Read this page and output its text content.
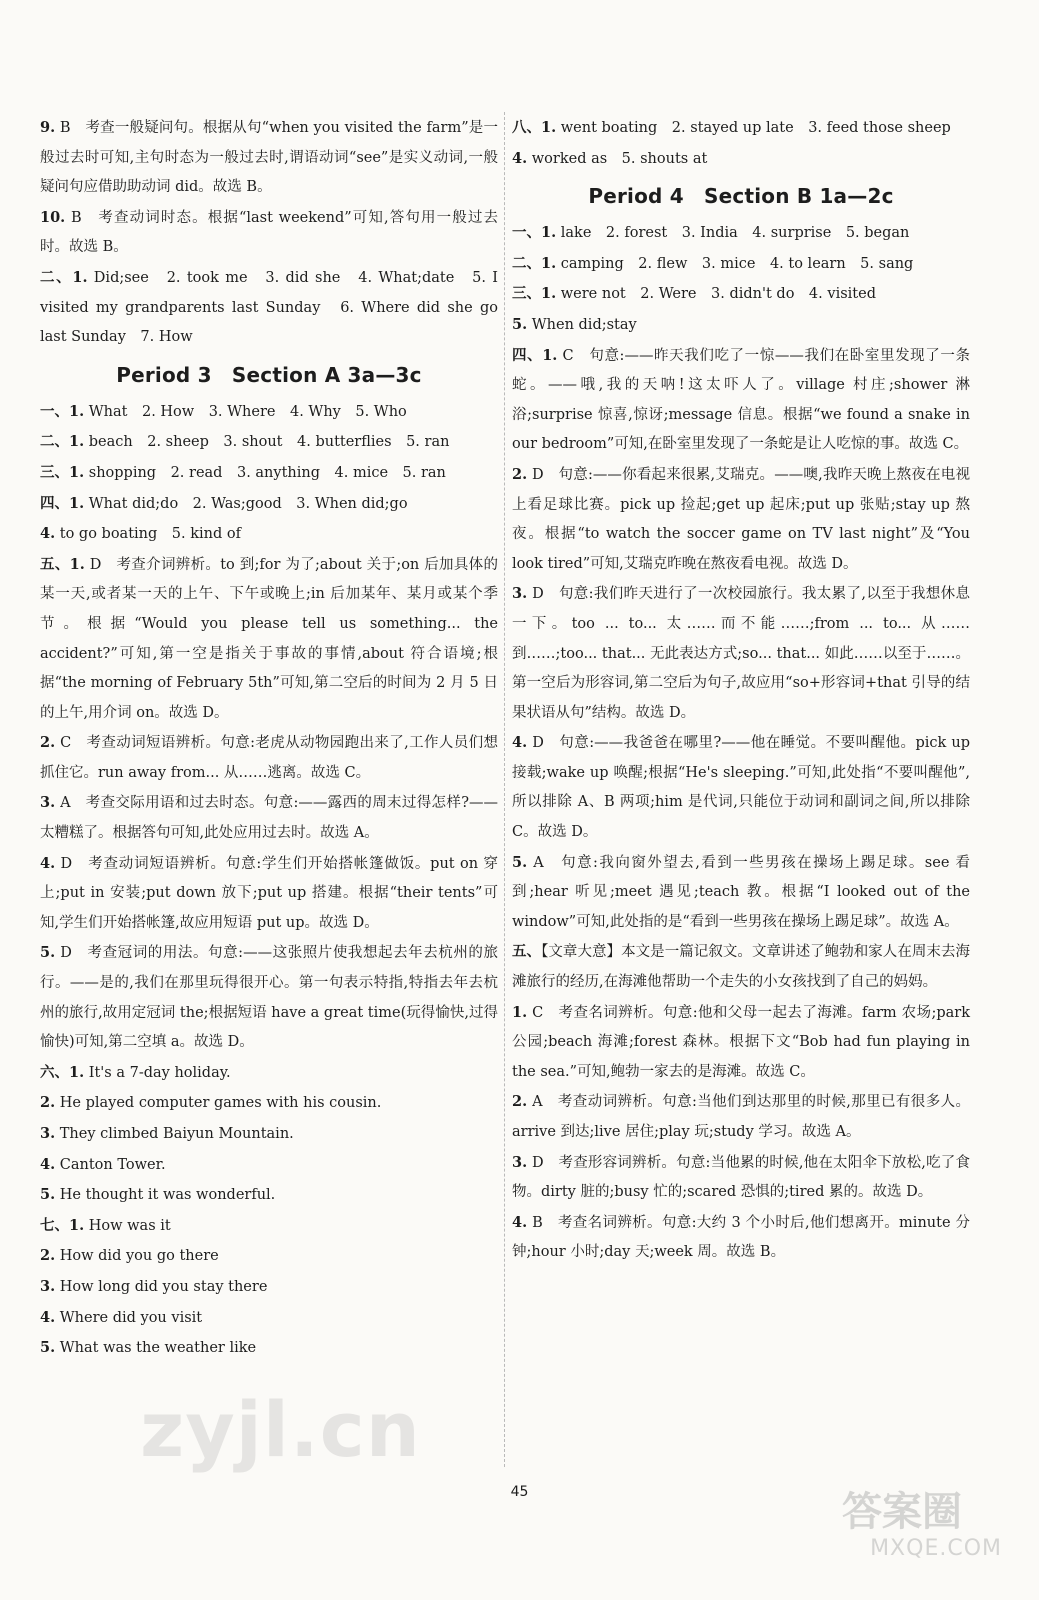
9. B　考查一般疑问句。根据从句“when you visited the farm”是一般过去时可知,主句时态为一般过去时,谓语动词“see”是实义动词,一般疑问句应借助助动词 did。故选 B。
10. B　考查动词时态。根据“last weekend”可知,答句用一般过去时。故选 B。
二、1. Did;see　2. took me　3. did she　4. What;date　5. I visited my grandparents last Sunday　6. Where did she go last Sunday　7. How
Period 3　Section A 3a—3c
一、1. What　2. How　3. Where　4. Why　5. Who
二、1. beach　2. sheep　3. shout　4. butterflies　5. ran
三、1. shopping　2. read　3. anything　4. mice　5. ran
四、1. What did;do　2. Was;good　3. When did;go
4. to go boating　5. kind of
五、1. D　考查介词辨析。to 到;for 为了;about 关于;on 后加具体的某一天,或者某一天的上午、下午或晚上;in 后加某年、某月或某个季节。根据“Would you please tell us something... the accident?”可知,第一空是指关于事故的事情,about 符合语境;根据“the morning of February 5th”可知,第二空后的时间为 2 月 5 日的上午,用介词 on。故选 D。
2. C　考查动词短语辨析。句意:老虎从动物园跑出来了,工作人员们想抓住它。run away from... 从……逃离。故选 C。
3. A　考查交际用语和过去时态。句意:——露西的周末过得怎样?——太糟糕了。根据答句可知,此处应用过去时。故选 A。
4. D　考查动词短语辨析。句意:学生们开始搭帐篷做饭。put on 穿上;put in 安装;put down 放下;put up 搭建。根据“their tents”可知,学生们开始搭帐篷,故应用短语 put up。故选 D。
5. D　考查冠词的用法。句意:——这张照片使我想起去年去杭州的旅行。——是的,我们在那里玩得很开心。第一句表示特指,特指去年去杭州的旅行,故用定冠词 the;根据短语 have a great time(玩得愉快,过得愉快)可知,第二空填 a。故选 D。
六、1. It's a 7-day holiday.
2. He played computer games with his cousin.
3. They climbed Baiyun Mountain.
4. Canton Tower.
5. He thought it was wonderful.
七、1. How was it
2. How did you go there
3. How long did you stay there
4. Where did you visit
5. What was the weather like
八、1. went boating　2. stayed up late　3. feed those sheep
4. worked as　5. shouts at
Period 4　Section B 1a—2c
一、1. lake　2. forest　3. India　4. surprise　5. began
二、1. camping　2. flew　3. mice　4. to learn　5. sang
三、1. were not　2. Were　3. didn't do　4. visited
5. When did;stay
四、1. C　句意:——昨天我们吃了一惊——我们在卧室里发现了一条蛇。——哦,我的天呐!这太吓人了。village 村庄;shower 淋浴;surprise 惊喜,惊讶;message 信息。根据“we found a snake in our bedroom”可知,在卧室里发现了一条蛇是让人吃惊的事。故选 C。
2. D　句意:——你看起来很累,艾瑞克。——噢,我昨天晚上熬夜在电视上看足球比赛。pick up 捡起;get up 起床;put up 张贴;stay up 熬夜。根据“to watch the soccer game on TV last night”及“You look tired”可知,艾瑞克昨晚在熬夜看电视。故选 D。
3. D　句意:我们昨天进行了一次校园旅行。我太累了,以至于我想休息一下。too ... to... 太……而不能……;from ... to... 从……到……;too... that... 无此表达方式;so... that... 如此……以至于……。第一空后为形容词,第二空后为句子,故应用“so+形容词+that 引导的结果状语从句”结构。故选 D。
4. D　句意:——我爸爸在哪里?——他在睡觉。不要叫醒他。pick up 接载;wake up 唤醒;根据“He's sleeping.”可知,此处指“不要叫醒他”,所以排除 A、B 两项;him 是代词,只能位于动词和副词之间,所以排除 C。故选 D。
5. A　句意:我向窗外望去,看到一些男孩在操场上踢足球。see 看到;hear 听见;meet 遇见;teach 教。根据“I looked out of the window”可知,此处指的是“看到一些男孩在操场上踢足球”。故选 A。
五、【文章大意】本文是一篇记叙文。文章讲述了鲍勃和家人在周末去海滩旅行的经历,在海滩他帮助一个走失的小女孩找到了自己的妈妈。
1. C　考查名词辨析。句意:他和父母一起去了海滩。farm 农场;park 公园;beach 海滩;forest 森林。根据下文“Bob had fun playing in the sea.”可知,鲍勃一家去的是海滩。故选 C。
2. A　考查动词辨析。句意:当他们到达那里的时候,那里已有很多人。arrive 到达;live 居住;play 玩;study 学习。故选 A。
3. D　考查形容词辨析。句意:当他累的时候,他在太阳伞下放松,吃了食物。dirty 脏的;busy 忙的;scared 恐惧的;tired 累的。故选 D。
4. B　考查名词辨析。句意:大约 3 个小时后,他们想离开。minute 分钟;hour 小时;day 天;week 周。故选 B。
45
zyjl.cn
答案圈
MXQE.COM
